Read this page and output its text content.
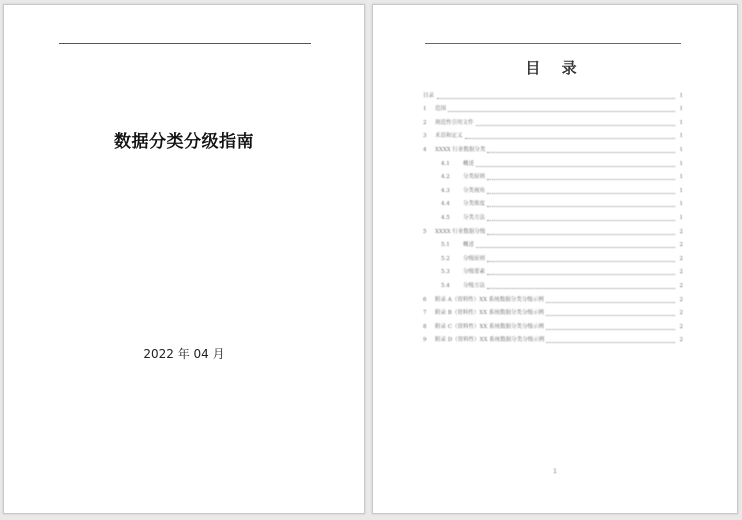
数据分类分级指南
2022 年 04 月
目 录
目录	1
1	范围	1
2	规范性引用文件	1
3	术语和定义	1
4	XXXX 行业数据分类	1
4.1	概述	1
4.2	分类原则	1
4.3	分类视角	1
4.4	分类维度	1
4.5	分类方法	1
5	XXXX 行业数据分级	2
5.1	概述	2
5.2	分级原则	2
5.3	分级要素	2
5.4	分级方法	2
6	附录 A（资料性）XX 系统数据分类分级示例	2
7	附录 B（资料性）XX 系统数据分类分级示例	2
8	附录 C（资料性）XX 系统数据分类分级示例	2
9	附录 D（资料性）XX 系统数据分类分级示例	2
1
